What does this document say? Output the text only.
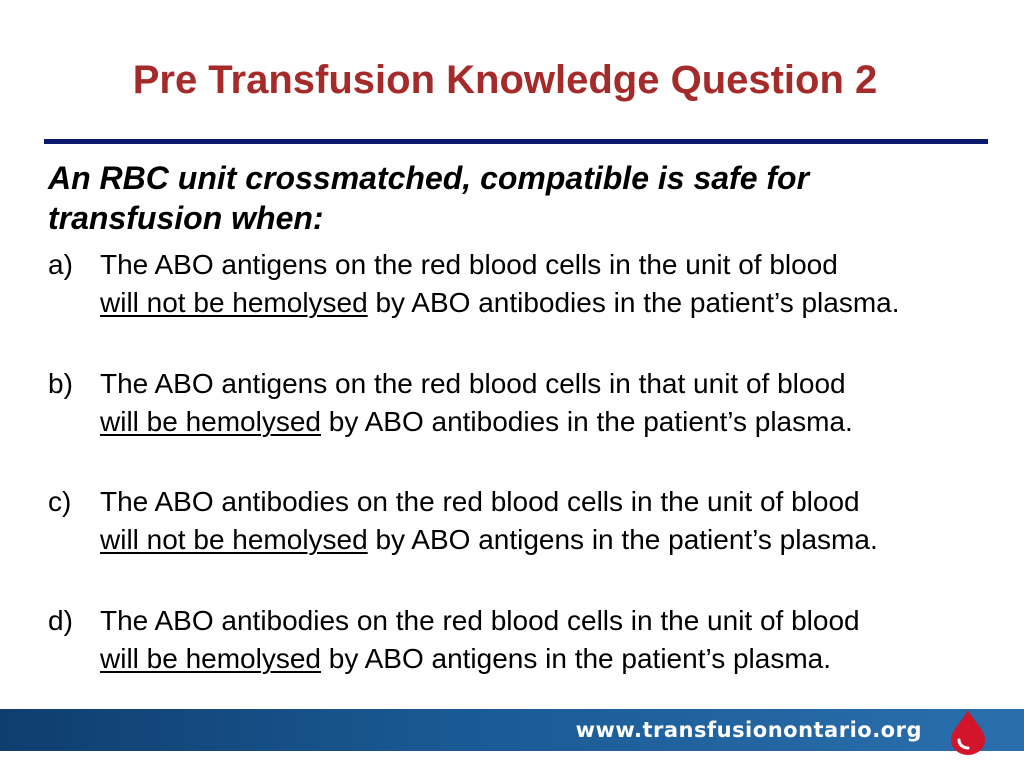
Pre Transfusion Knowledge Question 2
An RBC unit crossmatched, compatible is safe for transfusion when:
a) The ABO antigens on the red blood cells in the unit of blood
will not be hemolysed by ABO antibodies in the patient’s plasma.
b) The ABO antigens on the red blood cells in that unit of blood
will be hemolysed by ABO antibodies in the patient’s plasma.
c) The ABO antibodies on the red blood cells in the unit of blood
will not be hemolysed by ABO antigens in the patient’s plasma.
d) The ABO antibodies on the red blood cells in the unit of blood
will be hemolysed by ABO antigens in the patient’s plasma.
www.transfusionontario.org
